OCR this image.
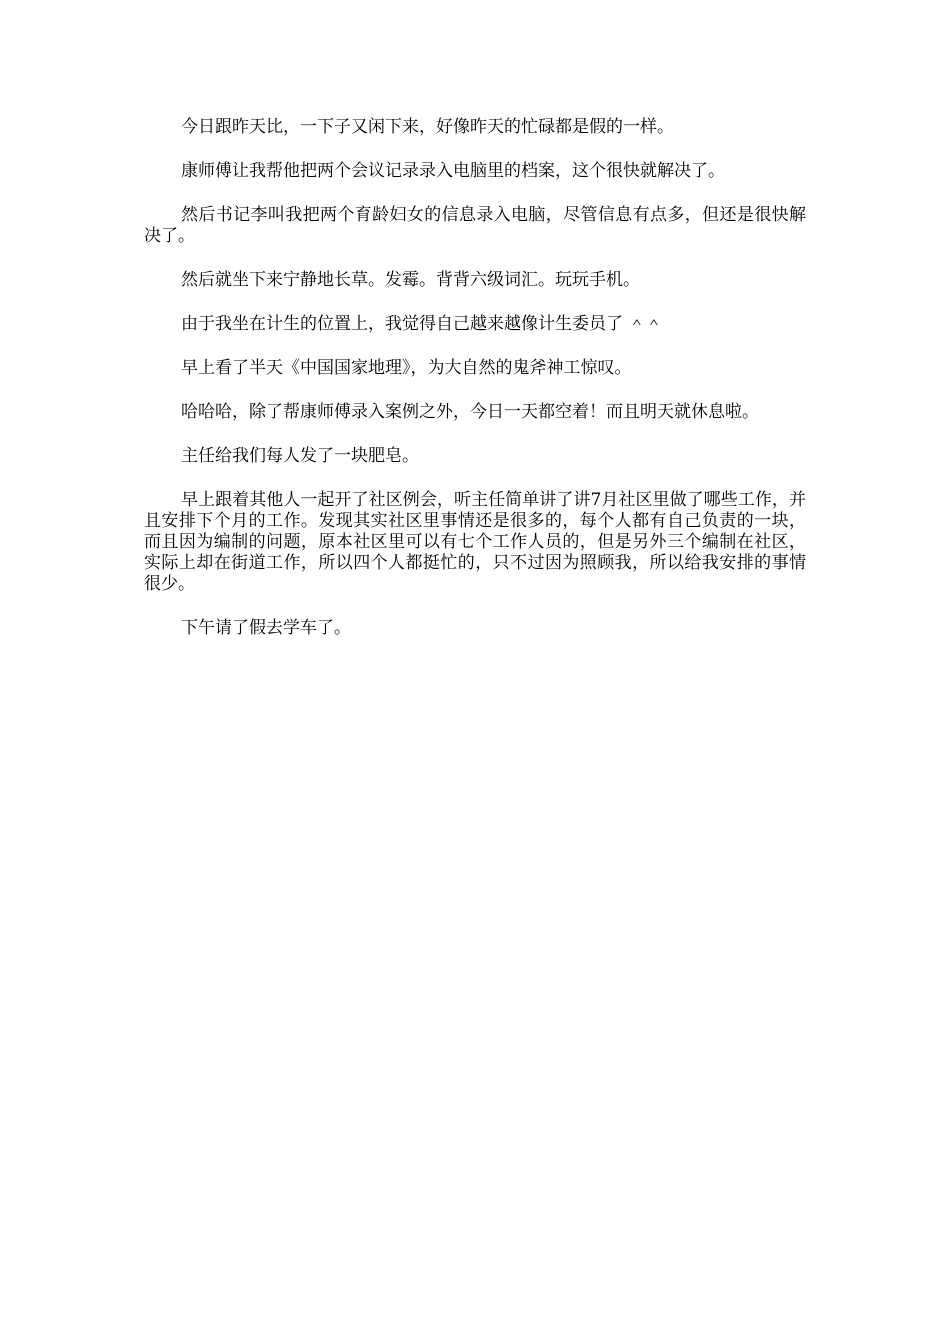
今日跟昨天比，一下子又闲下来，好像昨天的忙碌都是假的一样。

康师傅让我帮他把两个会议记录录入电脑里的档案，这个很快就解决了。

然后书记李叫我把两个育龄妇女的信息录入电脑，尽管信息有点多，但还是很快解决了。

然后就坐下来宁静地长草。发霉。背背六级词汇。玩玩手机。

由于我坐在计生的位置上，我觉得自己越来越像计生委员了 ＾＾

早上看了半天《中国国家地理》，为大自然的鬼斧神工惊叹。

哈哈哈，除了帮康师傅录入案例之外，今日一天都空着！而且明天就休息啦。

主任给我们每人发了一块肥皂。

早上跟着其他人一起开了社区例会，听主任简单讲了讲7月社区里做了哪些工作，并且安排下个月的工作。发现其实社区里事情还是很多的，每个人都有自己负责的一块，而且因为编制的问题，原本社区里可以有七个工作人员的，但是另外三个编制在社区，实际上却在街道工作，所以四个人都挺忙的，只不过因为照顾我，所以给我安排的事情很少。

下午请了假去学车了。
